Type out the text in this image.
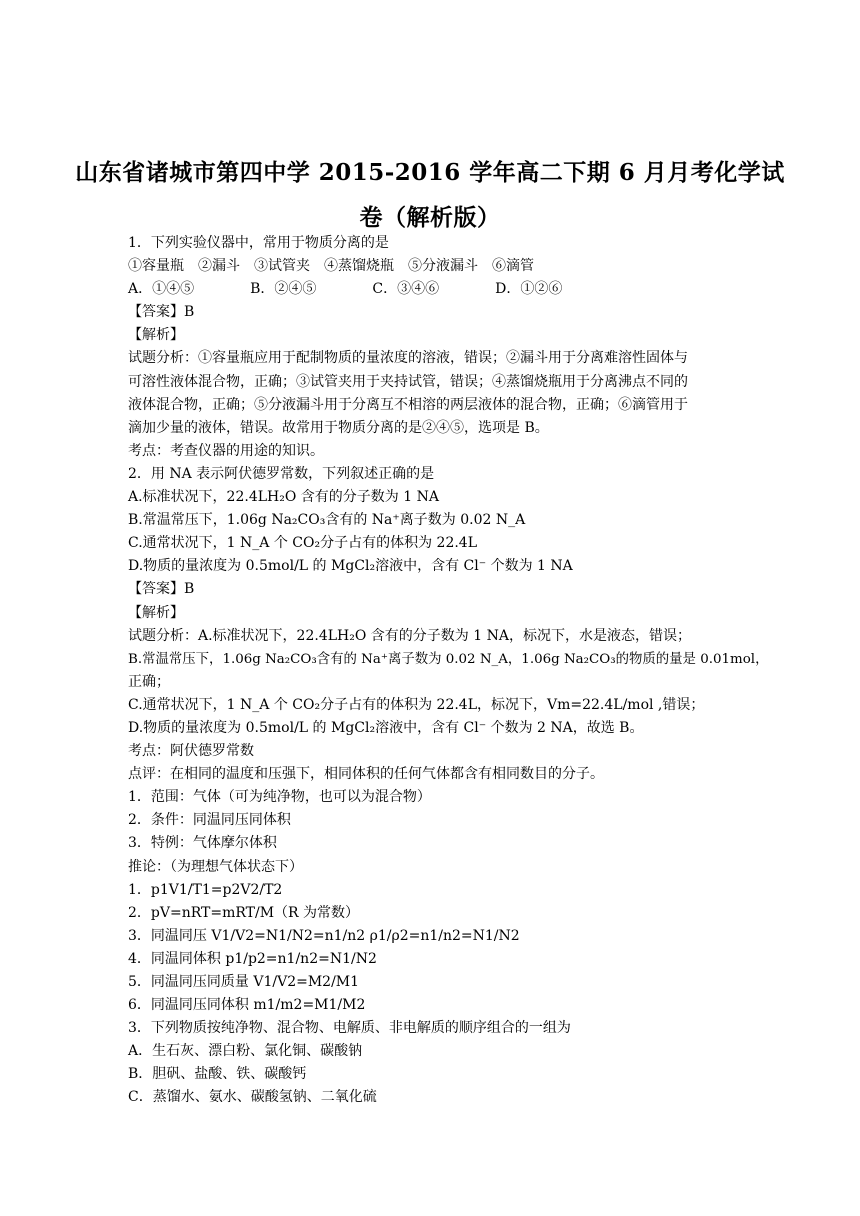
山东省诸城市第四中学 2015-2016 学年高二下期 6 月月考化学试
卷（解析版）
1．下列实验仪器中，常用于物质分离的是
①容量瓶　②漏斗　③试管夹　④蒸馏烧瓶　⑤分液漏斗　⑥滴管
A．①④⑤　　　　B．②④⑤　　　　C．③④⑥　　　　D．①②⑥
【答案】B
【解析】
试题分析：①容量瓶应用于配制物质的量浓度的溶液，错误；②漏斗用于分离难溶性固体与
可溶性液体混合物，正确；③试管夹用于夹持试管，错误；④蒸馏烧瓶用于分离沸点不同的
液体混合物，正确；⑤分液漏斗用于分离互不相溶的两层液体的混合物，正确；⑥滴管用于
滴加少量的液体，错误。故常用于物质分离的是②④⑤，选项是 B。
考点：考查仪器的用途的知识。
2．用 NA 表示阿伏德罗常数，下列叙述正确的是
A.标准状况下，22.4LH₂O 含有的分子数为 1 NA
B.常温常压下，1.06g Na₂CO₃含有的 Na⁺离子数为 0.02 N_A
C.通常状况下，1 N_A 个 CO₂分子占有的体积为 22.4L
D.物质的量浓度为 0.5mol/L 的 MgCl₂溶液中，含有 Cl⁻ 个数为 1 NA
【答案】B
【解析】
试题分析：A.标准状况下，22.4LH₂O 含有的分子数为 1 NA，标况下，水是液态，错误；
B.常温常压下，1.06g Na₂CO₃含有的 Na⁺离子数为 0.02 N_A，1.06g Na₂CO₃的物质的量是 0.01mol，
正确；
C.通常状况下，1 N_A 个 CO₂分子占有的体积为 22.4L，标况下，Vm=22.4L/mol ,错误；
D.物质的量浓度为 0.5mol/L 的 MgCl₂溶液中，含有 Cl⁻ 个数为 2 NA，故选 B。
考点：阿伏德罗常数
点评：在相同的温度和压强下，相同体积的任何气体都含有相同数目的分子。
1．范围：气体（可为纯净物，也可以为混合物）
2．条件：同温同压同体积
3．特例：气体摩尔体积
推论：（为理想气体状态下）
1．p1V1/T1=p2V2/T2
2．pV=nRT=mRT/M（R 为常数）
3．同温同压 V1/V2=N1/N2=n1/n2 ρ1/ρ2=n1/n2=N1/N2
4．同温同体积 p1/p2=n1/n2=N1/N2
5．同温同压同质量 V1/V2=M2/M1
6．同温同压同体积 m1/m2=M1/M2
3．下列物质按纯净物、混合物、电解质、非电解质的顺序组合的一组为
A．生石灰、漂白粉、氯化铜、碳酸钠
B．胆矾、盐酸、铁、碳酸钙
C．蒸馏水、氨水、碳酸氢钠、二氧化硫
